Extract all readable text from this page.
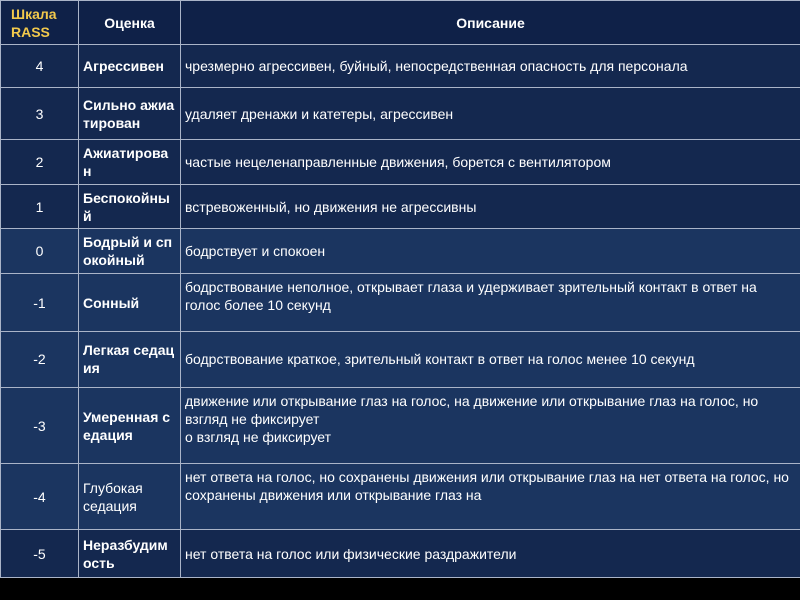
Шкала RASS	Оценка	Описание
4	Агрессивен	чрезмерно агрессивен, буйный, непосредственная опасность для персонала

3	Сильно ажиатирован	удаляет дренажи и катетеры, агрессивен

2	Ажиатирован	частые нецеленаправленные движения, борется с вентилятором

1	Беспокойный	встревоженный, но движения не агрессивны

0	Бодрый и спокойный	бодрствует и спокоен

-1	Сонный	бодрствование неполное, открывает глаза и удерживает зрительный контакт в ответ на голос более 10 секунд

-2	Легкая седация	бодрствование краткое, зрительный контакт в ответ на голос менее 10 секунд

-3	Умеренная седация	движение или открывание глаз на голос, на движение или открывание глаз на голос, но взгляд не фиксирует
о взгляд не фиксирует

-4	Глубокая седация	нет ответа на голос, но сохранены движения или открывание глаз на нет ответа на голос, но сохранены движения или открывание глаз на

-5	Неразбудимость	нет ответа на голос или физические раздражители
